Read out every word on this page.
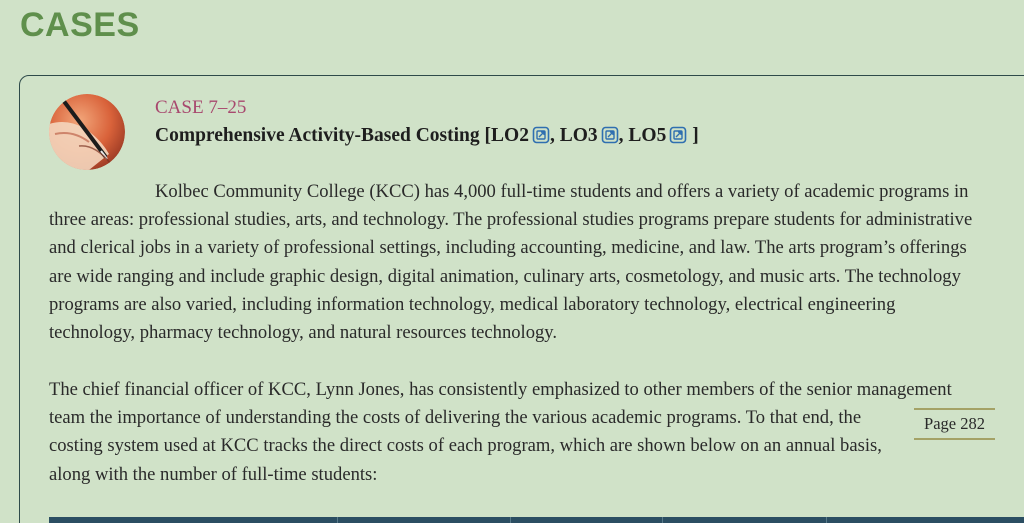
CASES

CASE 7–25

Comprehensive Activity-Based Costing [LO2 , LO3 , LO5 ]

Kolbec Community College (KCC) has 4,000 full-time students and offers a variety of academic programs in
three areas: professional studies, arts, and technology. The professional studies programs prepare students for administrative
and clerical jobs in a variety of professional settings, including accounting, medicine, and law. The arts program’s offerings
are wide ranging and include graphic design, digital animation, culinary arts, cosmetology, and music arts. The technology
programs are also varied, including information technology, medical laboratory technology, electrical engineering
technology, pharmacy technology, and natural resources technology.

The chief financial officer of KCC, Lynn Jones, has consistently emphasized to other members of the senior management
team the importance of understanding the costs of delivering the various academic programs. To that end, the
costing system used at KCC tracks the direct costs of each program, which are shown below on an annual basis,
along with the number of full-time students:

Page 282
